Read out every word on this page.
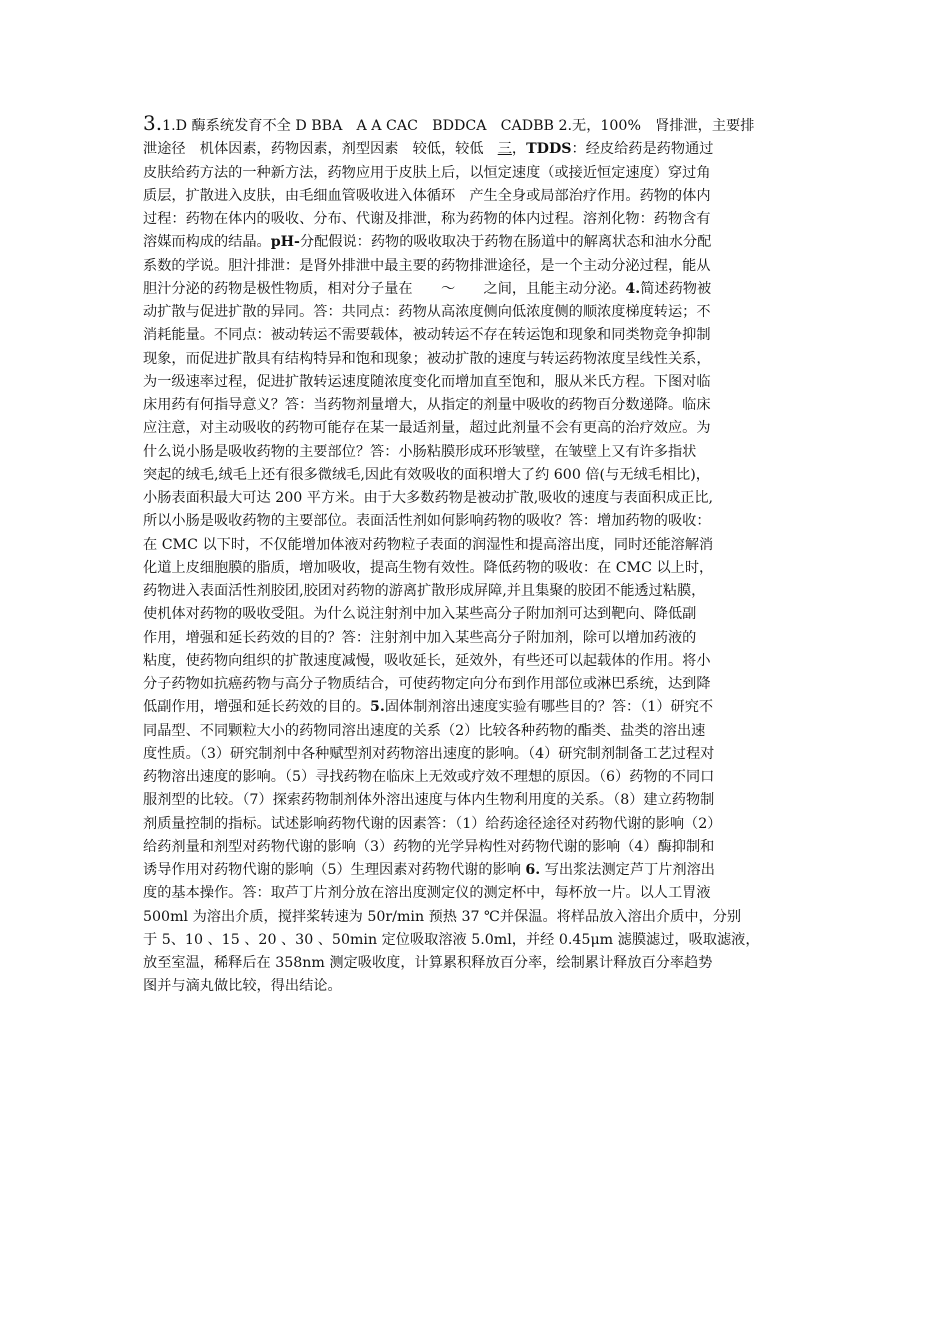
3.1.D 酶系统发育不全 D BBA　A A CAC　BDDCA　CADBB 2.无，100%　肾排泄，主要排
泄途径　机体因素，药物因素，剂型因素　较低，较低　三，TDDS：经皮给药是药物通过
皮肤给药方法的一种新方法，药物应用于皮肤上后，以恒定速度（或接近恒定速度）穿过角
质层，扩散进入皮肤，由毛细血管吸收进入体循环　产生全身或局部治疗作用。药物的体内
过程：药物在体内的吸收、分布、代谢及排泄，称为药物的体内过程。溶剂化物：药物含有
溶媒而构成的结晶。pH-分配假说：药物的吸收取决于药物在肠道中的解离状态和油水分配
系数的学说。胆汁排泄：是肾外排泄中最主要的药物排泄途径，是一个主动分泌过程，能从
胆汁分泌的药物是极性物质，相对分子量在　　～　　之间，且能主动分泌。4.简述药物被
动扩散与促进扩散的异同。答：共同点：药物从高浓度侧向低浓度侧的顺浓度梯度转运；不
消耗能量。不同点：被动转运不需要载体，被动转运不存在转运饱和现象和同类物竞争抑制
现象，而促进扩散具有结构特异和饱和现象；被动扩散的速度与转运药物浓度呈线性关系，
为一级速率过程，促进扩散转运速度随浓度变化而增加直至饱和，服从米氏方程。下图对临
床用药有何指导意义？答：当药物剂量增大，从指定的剂量中吸收的药物百分数递降。临床
应注意，对主动吸收的药物可能存在某一最适剂量，超过此剂量不会有更高的治疗效应。为
什么说小肠是吸收药物的主要部位？答：小肠粘膜形成环形皱壁，在皱壁上又有许多指状
突起的绒毛,绒毛上还有很多微绒毛,因此有效吸收的面积增大了约 600 倍(与无绒毛相比)，
小肠表面积最大可达 200 平方米。由于大多数药物是被动扩散,吸收的速度与表面积成正比,
所以小肠是吸收药物的主要部位。表面活性剂如何影响药物的吸收？答：增加药物的吸收：
在 CMC 以下时，不仅能增加体液对药物粒子表面的润湿性和提高溶出度，同时还能溶解消
化道上皮细胞膜的脂质，增加吸收，提高生物有效性。降低药物的吸收：在 CMC 以上时，
药物进入表面活性剂胶团,胶团对药物的游离扩散形成屏障,并且集聚的胶团不能透过粘膜，
使机体对药物的吸收受阻。为什么说注射剂中加入某些高分子附加剂可达到靶向、降低副
作用，增强和延长药效的目的？答：注射剂中加入某些高分子附加剂，除可以增加药液的
粘度，使药物向组织的扩散速度减慢，吸收延长，延效外，有些还可以起载体的作用。将小
分子药物如抗癌药物与高分子物质结合，可使药物定向分布到作用部位或淋巴系统，达到降
低副作用，增强和延长药效的目的。5.固体制剂溶出速度实验有哪些目的？答：（1）研究不
同晶型、不同颗粒大小的药物同溶出速度的关系（2）比较各种药物的酯类、盐类的溶出速
度性质。（3）研究制剂中各种赋型剂对药物溶出速度的影响。（4）研究制剂制备工艺过程对
药物溶出速度的影响。（5）寻找药物在临床上无效或疗效不理想的原因。（6）药物的不同口
服剂型的比较。（7）探索药物制剂体外溶出速度与体内生物利用度的关系。（8）建立药物制
剂质量控制的指标。试述影响药物代谢的因素答：（1）给药途径途径对药物代谢的影响（2）
给药剂量和剂型对药物代谢的影响（3）药物的光学异构性对药物代谢的影响（4）酶抑制和
诱导作用对药物代谢的影响（5）生理因素对药物代谢的影响 6. 写出浆法测定芦丁片剂溶出
度的基本操作。答：取芦丁片剂分放在溶出度测定仪的测定杯中，每杯放一片。以人工胃液
500ml 为溶出介质，搅拌桨转速为 50r/min 预热 37 ℃并保温。将样品放入溶出介质中，分别
于 5、10 、15 、20 、30 、50min 定位吸取溶液 5.0ml，并经 0.45μm 滤膜滤过，吸取滤液，
放至室温，稀释后在 358nm 测定吸收度，计算累积释放百分率，绘制累计释放百分率趋势
图并与滴丸做比较，得出结论。
